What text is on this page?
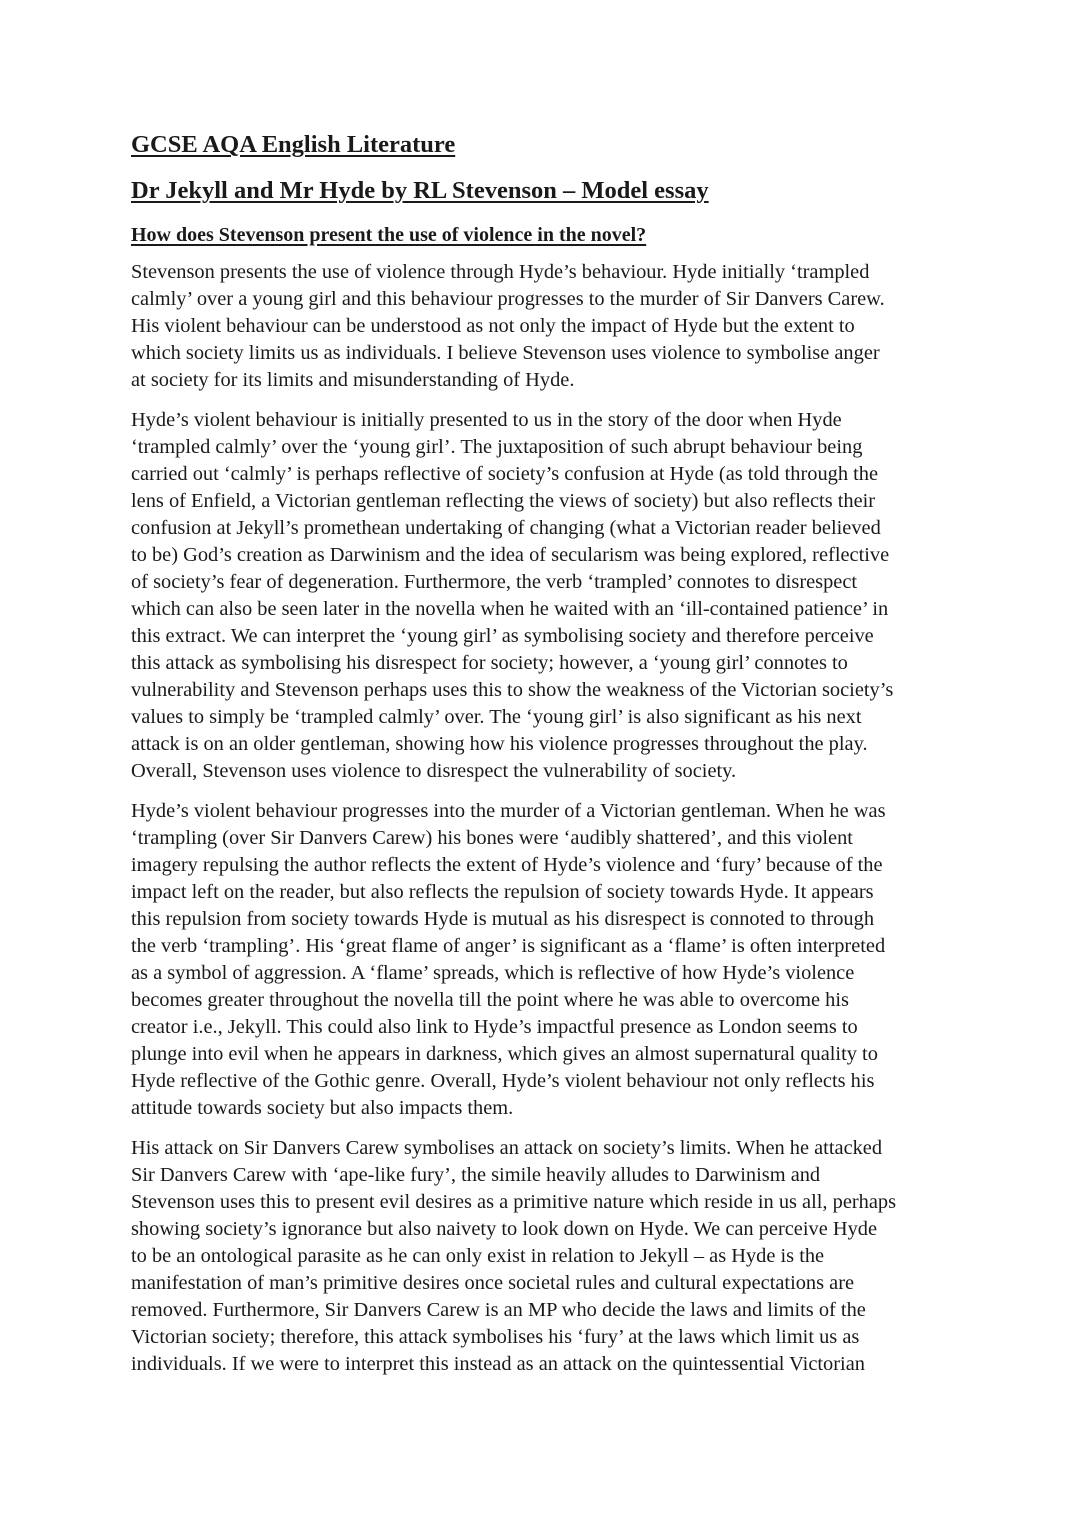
GCSE AQA English Literature
Dr Jekyll and Mr Hyde by RL Stevenson – Model essay
How does Stevenson present the use of violence in the novel?
Stevenson presents the use of violence through Hyde’s behaviour. Hyde initially ‘trampled
calmly’ over a young girl and this behaviour progresses to the murder of Sir Danvers Carew.
His violent behaviour can be understood as not only the impact of Hyde but the extent to
which society limits us as individuals. I believe Stevenson uses violence to symbolise anger
at society for its limits and misunderstanding of Hyde.
Hyde’s violent behaviour is initially presented to us in the story of the door when Hyde
‘trampled calmly’ over the ‘young girl’. The juxtaposition of such abrupt behaviour being
carried out ‘calmly’ is perhaps reflective of society’s confusion at Hyde (as told through the
lens of Enfield, a Victorian gentleman reflecting the views of society) but also reflects their
confusion at Jekyll’s promethean undertaking of changing (what a Victorian reader believed
to be) God’s creation as Darwinism and the idea of secularism was being explored, reflective
of society’s fear of degeneration. Furthermore, the verb ‘trampled’ connotes to disrespect
which can also be seen later in the novella when he waited with an ‘ill-contained patience’ in
this extract. We can interpret the ‘young girl’ as symbolising society and therefore perceive
this attack as symbolising his disrespect for society; however, a ‘young girl’ connotes to
vulnerability and Stevenson perhaps uses this to show the weakness of the Victorian society’s
values to simply be ‘trampled calmly’ over. The ‘young girl’ is also significant as his next
attack is on an older gentleman, showing how his violence progresses throughout the play.
Overall, Stevenson uses violence to disrespect the vulnerability of society.
Hyde’s violent behaviour progresses into the murder of a Victorian gentleman. When he was
‘trampling (over Sir Danvers Carew) his bones were ‘audibly shattered’, and this violent
imagery repulsing the author reflects the extent of Hyde’s violence and ‘fury’ because of the
impact left on the reader, but also reflects the repulsion of society towards Hyde. It appears
this repulsion from society towards Hyde is mutual as his disrespect is connoted to through
the verb ‘trampling’. His ‘great flame of anger’ is significant as a ‘flame’ is often interpreted
as a symbol of aggression. A ‘flame’ spreads, which is reflective of how Hyde’s violence
becomes greater throughout the novella till the point where he was able to overcome his
creator i.e., Jekyll. This could also link to Hyde’s impactful presence as London seems to
plunge into evil when he appears in darkness, which gives an almost supernatural quality to
Hyde reflective of the Gothic genre. Overall, Hyde’s violent behaviour not only reflects his
attitude towards society but also impacts them.
His attack on Sir Danvers Carew symbolises an attack on society’s limits. When he attacked
Sir Danvers Carew with ‘ape-like fury’, the simile heavily alludes to Darwinism and
Stevenson uses this to present evil desires as a primitive nature which reside in us all, perhaps
showing society’s ignorance but also naivety to look down on Hyde. We can perceive Hyde
to be an ontological parasite as he can only exist in relation to Jekyll – as Hyde is the
manifestation of man’s primitive desires once societal rules and cultural expectations are
removed. Furthermore, Sir Danvers Carew is an MP who decide the laws and limits of the
Victorian society; therefore, this attack symbolises his ‘fury’ at the laws which limit us as
individuals. If we were to interpret this instead as an attack on the quintessential Victorian
